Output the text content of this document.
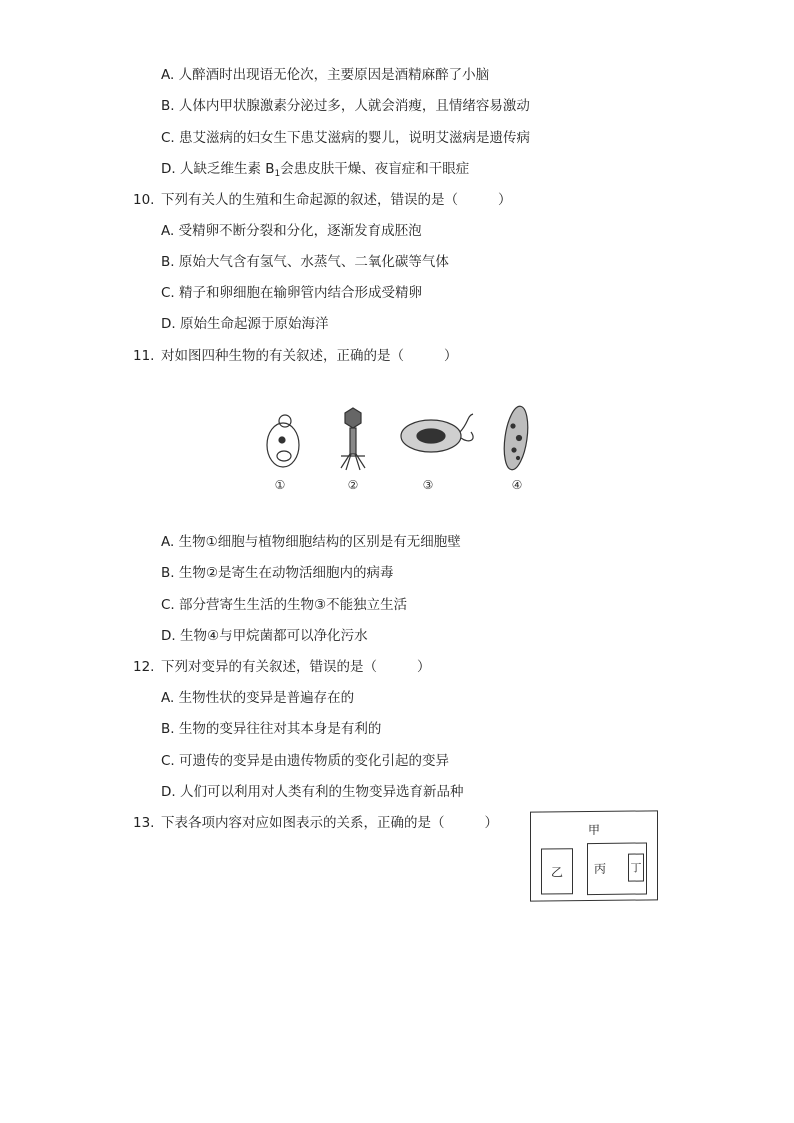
A. 人醉酒时出现语无伦次，主要原因是酒精麻醉了小脑
B. 人体内甲状腺激素分泌过多，人就会消瘦，且情绪容易激动
C. 患艾滋病的妇女生下患艾滋病的婴儿，说明艾滋病是遗传病
D. 人缺乏维生素 $B_1$会患皮肤干燥、夜盲症和干眼症
10. 下列有关人的生殖和生命起源的叙述，错误的是（	）
A. 受精卵不断分裂和分化，逐渐发育成胚泡
B. 原始大气含有氢气、水蒸气、二氧化碳等气体
C. 精子和卵细胞在输卵管内结合形成受精卵
D. 原始生命起源于原始海洋
11. 对如图四种生物的有关叙述，正确的是（	）
①	②	③	④
A. 生物①细胞与植物细胞结构的区别是有无细胞壁
B. 生物②是寄生在动物活细胞内的病毒
C. 部分营寄生生活的生物③不能独立生活
D. 生物④与甲烷菌都可以净化污水
12. 下列对变异的有关叙述，错误的是（	）
A. 生物性状的变异是普遍存在的
B. 生物的变异往往对其本身是有利的
C. 可遗传的变异是由遗传物质的变化引起的变异
D. 人们可以利用对人类有利的生物变异选育新品种
13. 下表各项内容对应如图表示的关系，正确的是（	）	甲
乙	丙 丁
